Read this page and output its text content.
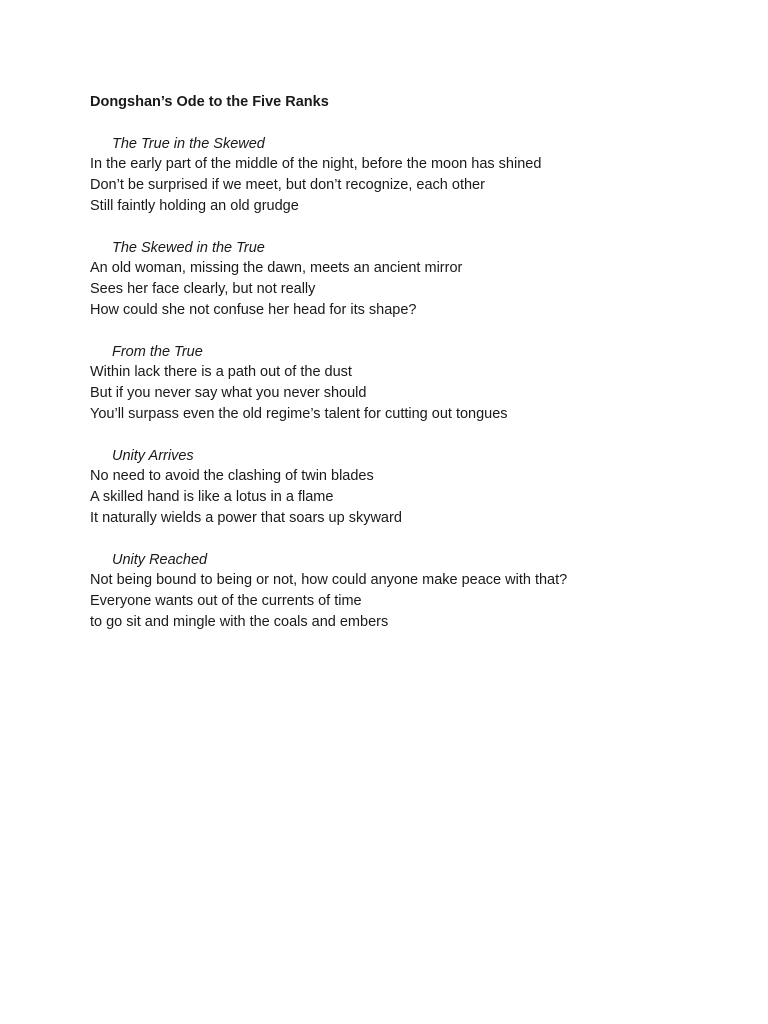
Dongshan’s Ode to the Five Ranks
The True in the Skewed
In the early part of the middle of the night, before the moon has shined
Don’t be surprised if we meet, but don’t recognize, each other
Still faintly holding an old grudge
The Skewed in the True
An old woman, missing the dawn, meets an ancient mirror
Sees her face clearly, but not really
How could she not confuse her head for its shape?
From the True
Within lack there is a path out of the dust
But if you never say what you never should
You’ll surpass even the old regime’s talent for cutting out tongues
Unity Arrives
No need to avoid the clashing of twin blades
A skilled hand is like a lotus in a flame
It naturally wields a power that soars up skyward
Unity Reached
Not being bound to being or not, how could anyone make peace with that?
Everyone wants out of the currents of time
to go sit and mingle with the coals and embers
